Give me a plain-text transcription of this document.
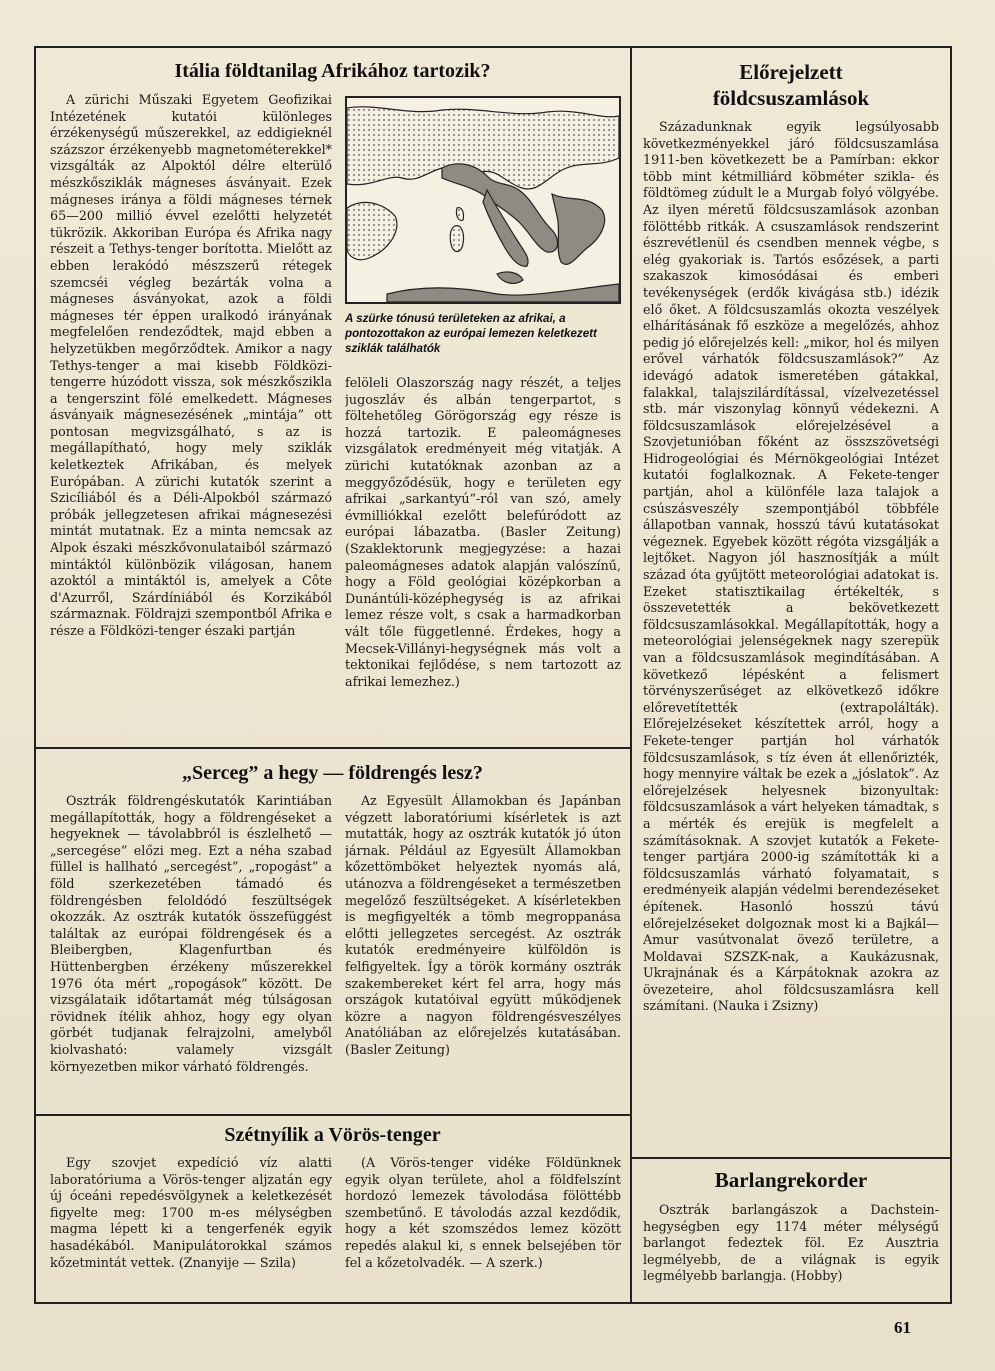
Itália földtanilag Afrikához tartozik?

A zürichi Műszaki Egyetem Geofizikai Intézetének kutatói különleges érzékenységű műszerekkel, az eddigieknél százszor érzékenyebb magnetométerekkel* vizsgálták az Alpoktól délre elterülő mészkősziklák mágneses ásványait. Ezek mágneses iránya a földi mágneses térnek 65—200 millió évvel ezelőtti helyzetét tükrözik. Akkoriban Európa és Afrika nagy részeit a Tethys-tenger borította. Mielőtt az ebben lerakódó mészszerű rétegek szemcséi végleg bezárták volna a mágneses ásványokat, azok a földi mágneses tér éppen uralkodó irányának megfelelően rendeződtek, majd ebben a helyzetükben megőrződtek. Amikor a nagy Tethys-tenger a mai kisebb Földközi-tengerre húzódott vissza, sok mészkőszikla a tengerszint fölé emelkedett. Mágneses ásványaik mágnesezésének „mintája” ott pontosan megvizsgálható, s az is megállapítható, hogy mely sziklák keletkeztek Afrikában, és melyek Európában. A zürichi kutatók szerint a Szicíliából és a Déli-Alpokból származó próbák jellegzetesen afrikai mágnesezési mintát mutatnak. Ez a minta nemcsak az Alpok északi mészkővonulataiból származó mintáktól különbözik világosan, hanem azoktól a mintáktól is, amelyek a Côte d'Azurről, Szárdíniából és Korzikából származnak. Földrajzi szempontból Afrika e része a Földközi-tenger északi partján

A szürke tónusú területeken az afrikai, a pontozottakon az európai lemezen keletkezett sziklák találhatók

felöleli Olaszország nagy részét, a teljes jugoszláv és albán tengerpartot, s föltehetőleg Görögország egy része is hozzá tartozik. E paleomágneses vizsgálatok eredményeit még vitatják. A zürichi kutatóknak azonban az a meggyőződésük, hogy e területen egy afrikai „sarkantyú”-ról van szó, amely évmilliókkal ezelőtt belefúródott az európai lábazatba. (Basler Zeitung) (Szaklektorunk megjegyzése: a hazai paleomágneses adatok alapján valószínű, hogy a Föld geológiai középkorban a Dunántúli-középhegység is az afrikai lemez része volt, s csak a harmadkorban vált tőle függetlenné. Érdekes, hogy a Mecsek-Villányi-hegységnek más volt a tektonikai fejlődése, s nem tartozott az afrikai lemezhez.)

Előrejelzett
földcsuszamlások

Századunknak egyik legsúlyosabb következményekkel járó földcsuszamlása 1911-ben következett be a Pamírban: ekkor több mint kétmilliárd köbméter szikla- és földtömeg zúdult le a Murgab folyó völgyébe. Az ilyen méretű földcsuszamlások azonban fölöttébb ritkák. A csuszamlások rendszerint észrevétlenül és csendben mennek végbe, s elég gyakoriak is. Tartós esőzések, a parti szakaszok kimosódásai és emberi tevékenységek (erdők kivágása stb.) idézik elő őket. A földcsuszamlás okozta veszélyek elhárításának fő eszköze a megelőzés, ahhoz pedig jó előrejelzés kell: „mikor, hol és milyen erővel várhatók földcsuszamlások?” Az idevágó adatok ismeretében gátakkal, falakkal, talajszilárdítással, vízelvezetéssel stb. már viszonylag könnyű védekezni. A földcsuszamlások előrejelzésével a Szovjetunióban főként az összszövetségi Hidrogeológiai és Mérnökgeológiai Intézet kutatói foglalkoznak. A Fekete-tenger partján, ahol a különféle laza talajok a csúszásveszély szempontjából többféle állapotban vannak, hosszú távú kutatásokat végeznek. Egyebek között régóta vizsgálják a lejtőket. Nagyon jól hasznosítják a múlt század óta gyűjtött meteorológiai adatokat is. Ezeket statisztikailag értékelték, s összevetették a bekövetkezett földcsuszamlásokkal. Megállapították, hogy a meteorológiai jelenségeknek nagy szerepük van a földcsuszamlások megindításában. A következő lépésként a felismert törvényszerűséget az elkövetkező időkre előrevetítették (extrapolálták). Előrejelzéseket készítettek arról, hogy a Fekete-tenger partján hol várhatók földcsuszamlások, s tíz éven át ellenőrizték, hogy mennyire váltak be ezek a „jóslatok”. Az előrejelzések helyesnek bizonyultak: földcsuszamlások a várt helyeken támadtak, s a mérték és erejük is megfelelt a számításoknak. A szovjet kutatók a Fekete-tenger partjára 2000-ig számították ki a földcsuszamlás várható folyamatait, s eredményeik alapján védelmi berendezéseket építenek. Hasonló hosszú távú előrejelzéseket dolgoznak most ki a Bajkál—Amur vasútvonalat övező területre, a Moldavai SZSZK-nak, a Kaukázusnak, Ukrajnának és a Kárpátoknak azokra az övezeteire, ahol földcsuszamlásra kell számítani. (Nauka i Zsizny)

„Serceg” a hegy — földrengés lesz?

Osztrák földrengéskutatók Karintiában megállapították, hogy a földrengéseket a hegyeknek — távolabbról is észlelhető — „sercegése” előzi meg. Ezt a néha szabad füllel is hallható „sercegést”, „ropogást” a föld szerkezetében támadó és földrengésben feloldódó feszültségek okozzák. Az osztrák kutatók összefüggést találtak az európai földrengések és a Bleibergben, Klagenfurtban és Hüttenbergben érzékeny műszerekkel 1976 óta mért „ropogások” között. De vizsgálataik időtartamát még túlságosan rövidnek ítélik ahhoz, hogy egy olyan görbét tudjanak felrajzolni, amelyből kiolvasható: valamely vizsgált környezetben mikor várható földrengés.

Az Egyesült Államokban és Japánban végzett laboratóriumi kísérletek is azt mutatták, hogy az osztrák kutatók jó úton járnak. Például az Egyesült Államokban kőzettömböket helyeztek nyomás alá, utánozva a földrengéseket a természetben megelőző feszültségeket. A kísérletekben is megfigyelték a tömb megroppanása előtti jellegzetes sercegést. Az osztrák kutatók eredményeire külföldön is felfigyeltek. Így a török kormány osztrák szakembereket kért fel arra, hogy más országok kutatóival együtt működjenek közre a nagyon földrengésveszélyes Anatóliában az előrejelzés kutatásában. (Basler Zeitung)

Szétnyílik a Vörös-tenger

Egy szovjet expedíció víz alatti laboratóriuma a Vörös-tenger aljzatán egy új óceáni repedésvölgynek a keletkezését figyelte meg: 1700 m-es mélységben magma lépett ki a tengerfenék egyik hasadékából. Manipulátorokkal számos kőzetmintát vettek. (Znanyije — Szila)

(A Vörös-tenger vidéke Földünknek egyik olyan területe, ahol a földfelszínt hordozó lemezek távolodása fölöttébb szembetűnő. E távolodás azzal kezdődik, hogy a két szomszédos lemez között repedés alakul ki, s ennek belsejében tör fel a kőzetolvadék. — A szerk.)

Barlangrekorder

Osztrák barlangászok a Dachstein-hegységben egy 1174 méter mélységű barlangot fedeztek föl. Ez Ausztria legmélyebb, de a világnak is egyik legmélyebb barlangja. (Hobby)

61
